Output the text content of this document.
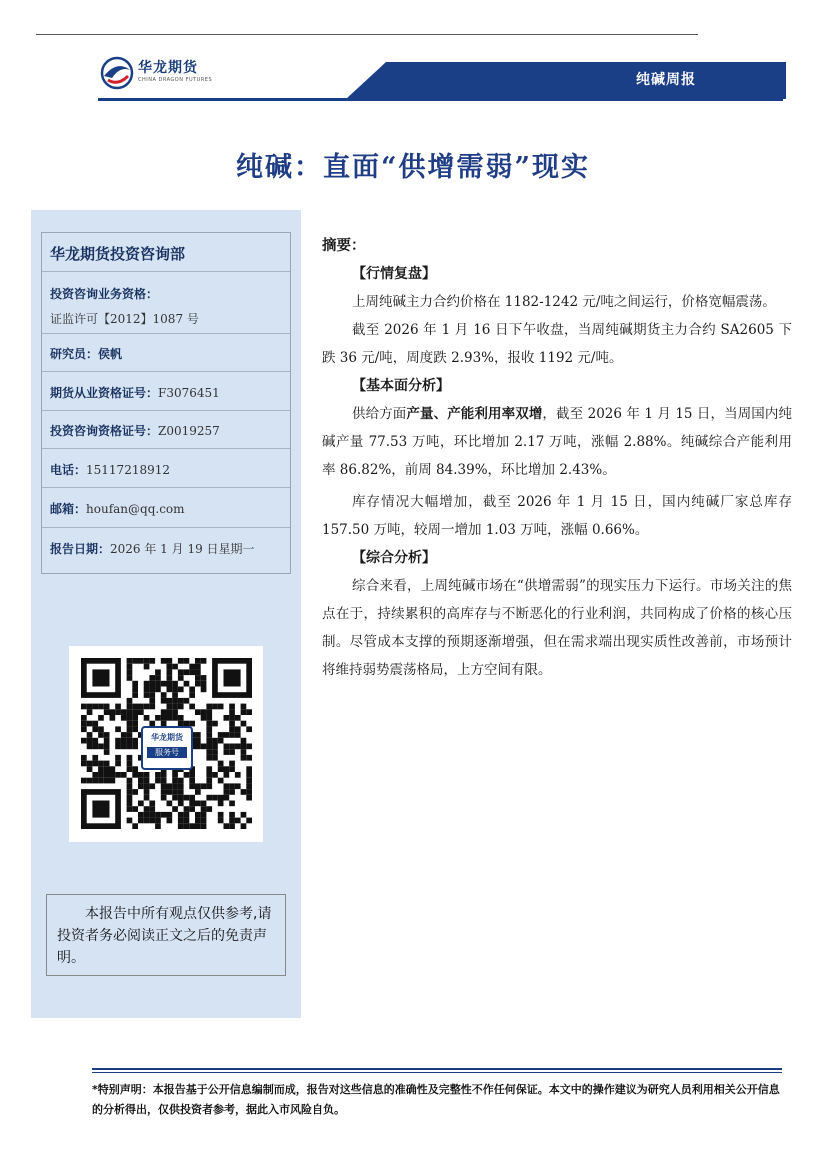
华龙期货
CHINA DRAGON FUTURES	纯碱周报
纯碱：直面“供增需弱”现实
华龙期货投资咨询部
投资咨询业务资格：
证监许可【2012】1087 号
研究员：侯帆
期货从业资格证号：F3076451
投资咨询资格证号：Z0019257
电话：15117218912
邮箱：houfan@qq.com
报告日期：2026 年 1 月 19 日星期一
华龙期货
服务号
本报告中所有观点仅供参考,请投资者务必阅读正文之后的免责声明。
摘要：
【行情复盘】

上周纯碱主力合约价格在 1182-1242 元/吨之间运行，价格宽幅震荡。

截至 2026 年 1 月 16 日下午收盘，当周纯碱期货主力合约 SA2605 下跌 36 元/吨，周度跌 2.93%，报收 1192 元/吨。

【基本面分析】

供给方面产量、产能利用率双增，截至 2026 年 1 月 15 日，当周国内纯碱产量 77.53 万吨，环比增加 2.17 万吨，涨幅 2.88%。纯碱综合产能利用率 86.82%，前周 84.39%，环比增加 2.43%。

库存情况大幅增加，截至 2026 年 1 月 15 日，国内纯碱厂家总库存 157.50 万吨，较周一增加 1.03 万吨，涨幅 0.66%。

【综合分析】

综合来看，上周纯碱市场在“供增需弱”的现实压力下运行。市场关注的焦点在于，持续累积的高库存与不断恶化的行业利润，共同构成了价格的核心压制。尽管成本支撑的预期逐渐增强，但在需求端出现实质性改善前，市场预计将维持弱势震荡格局，上方空间有限。

*特别声明：本报告基于公开信息编制而成，报告对这些信息的准确性及完整性不作任何保证。本文中的操作建议为研究人员利用相关公开信息的分析得出，仅供投资者参考，据此入市风险自负。
